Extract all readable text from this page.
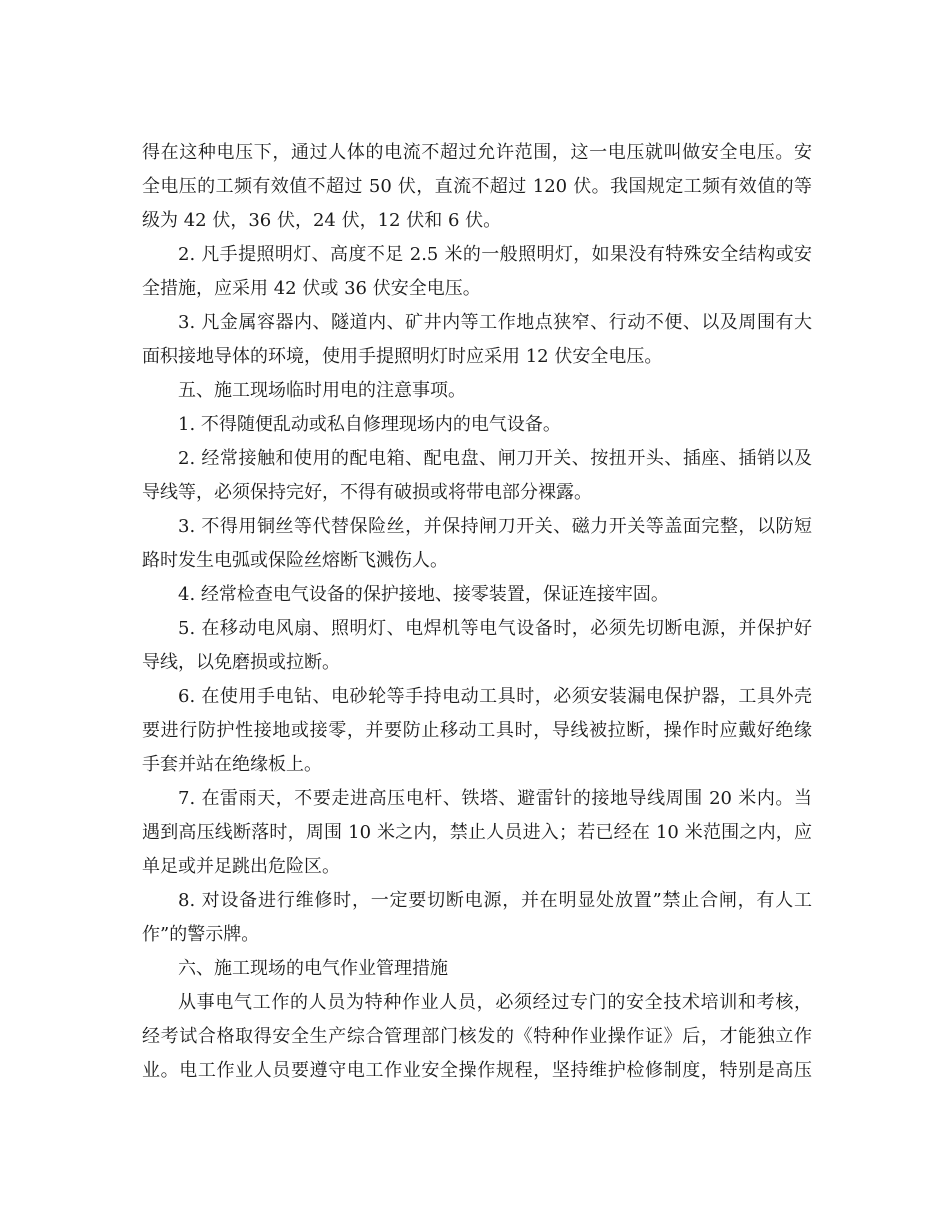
得在这种电压下，通过人体的电流不超过允许范围，这一电压就叫做安全电压。安
全电压的工频有效值不超过 50 伏，直流不超过 120 伏。我国规定工频有效值的等
级为 42 伏，36 伏，24 伏，12 伏和 6 伏。
2. 凡手提照明灯、高度不足 2.5 米的一般照明灯，如果没有特殊安全结构或安
全措施，应采用 42 伏或 36 伏安全电压。
3. 凡金属容器内、隧道内、矿井内等工作地点狭窄、行动不便、以及周围有大
面积接地导体的环境，使用手提照明灯时应采用 12 伏安全电压。
五、施工现场临时用电的注意事项。
1. 不得随便乱动或私自修理现场内的电气设备。
2. 经常接触和使用的配电箱、配电盘、闸刀开关、按扭开头、插座、插销以及
导线等，必须保持完好，不得有破损或将带电部分裸露。
3. 不得用铜丝等代替保险丝，并保持闸刀开关、磁力开关等盖面完整，以防短
路时发生电弧或保险丝熔断飞溅伤人。
4. 经常检查电气设备的保护接地、接零装置，保证连接牢固。
5. 在移动电风扇、照明灯、电焊机等电气设备时，必须先切断电源，并保护好
导线，以免磨损或拉断。
6. 在使用手电钻、电砂轮等手持电动工具时，必须安装漏电保护器，工具外壳
要进行防护性接地或接零，并要防止移动工具时，导线被拉断，操作时应戴好绝缘
手套并站在绝缘板上。
7. 在雷雨天，不要走进高压电杆、铁塔、避雷针的接地导线周围 20 米内。当
遇到高压线断落时，周围 10 米之内，禁止人员进入；若已经在 10 米范围之内，应
单足或并足跳出危险区。
8. 对设备进行维修时，一定要切断电源，并在明显处放置”禁止合闸，有人工
作”的警示牌。
六、施工现场的电气作业管理措施
从事电气工作的人员为特种作业人员，必须经过专门的安全技术培训和考核，
经考试合格取得安全生产综合管理部门核发的《特种作业操作证》后，才能独立作
业。电工作业人员要遵守电工作业安全操作规程，坚持维护检修制度，特别是高压
